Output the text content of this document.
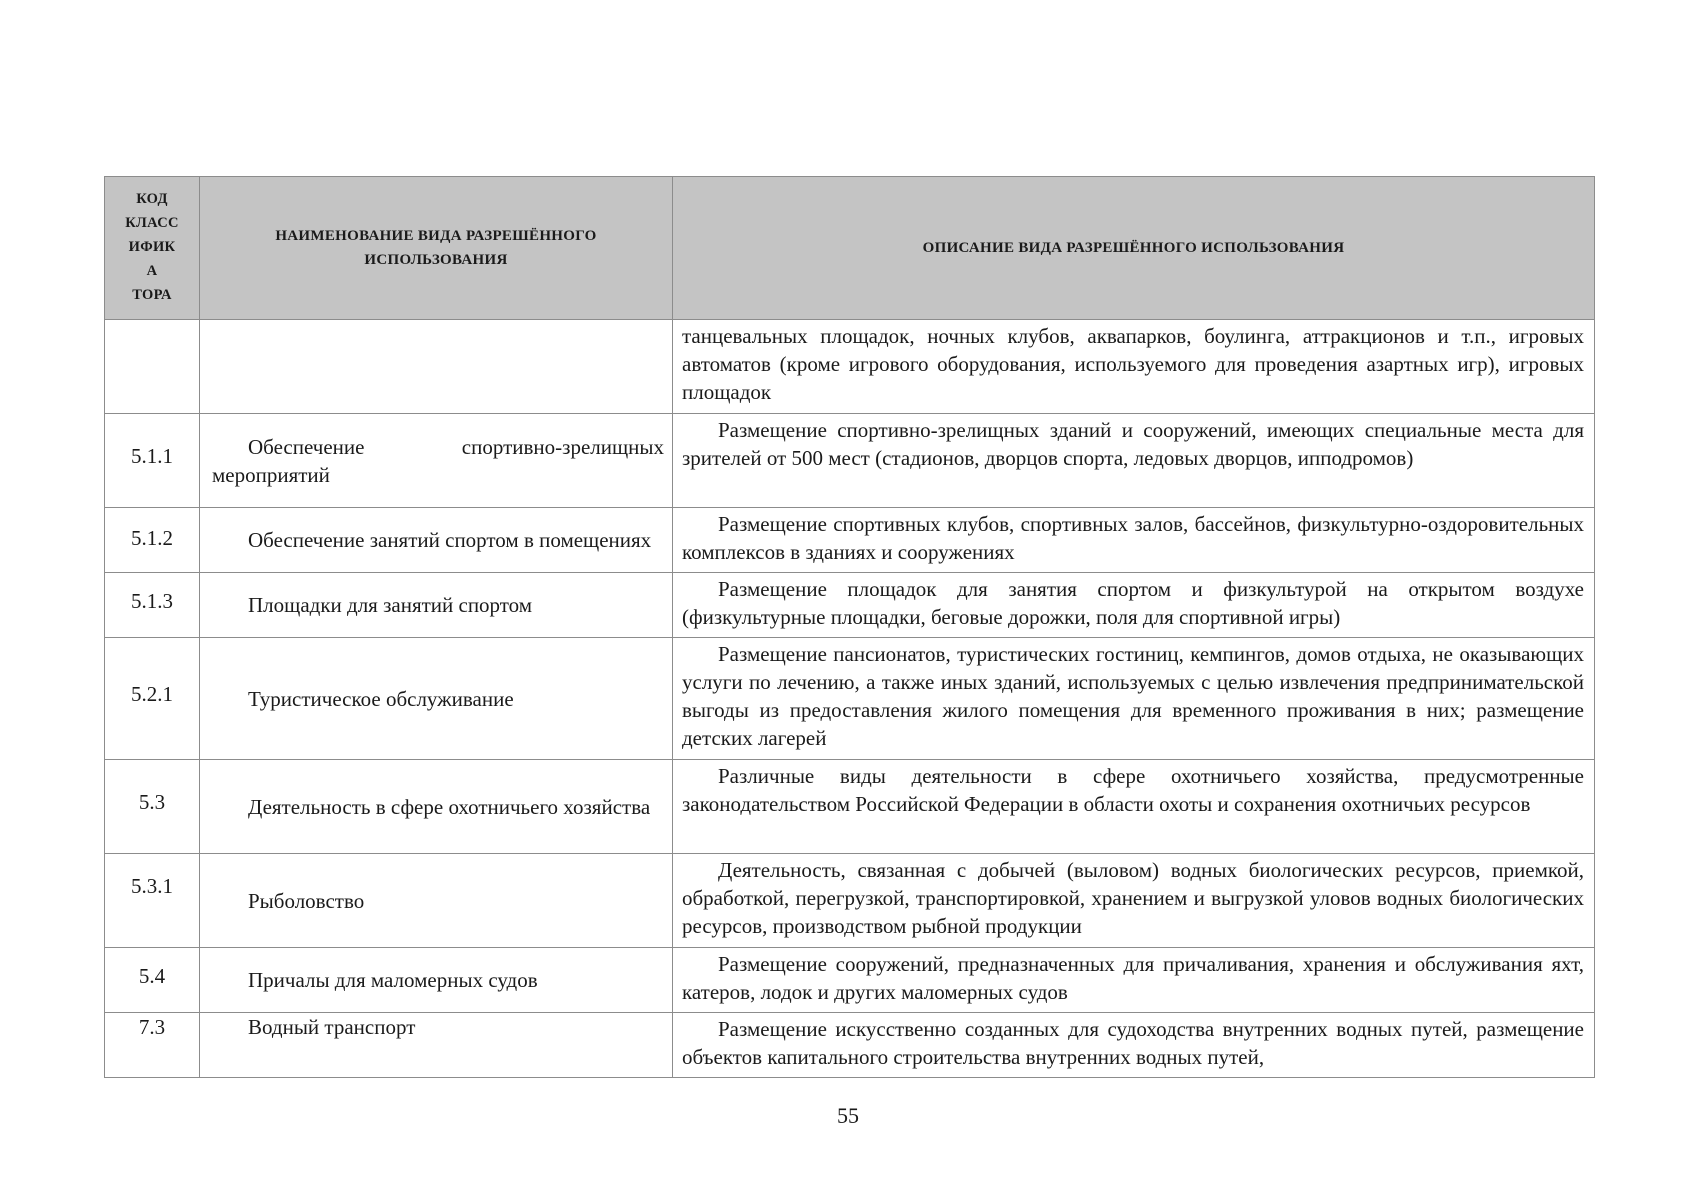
КОД
КЛАСС
ИФИК
А
ТОРА	НАИМЕНОВАНИЕ ВИДА РАЗРЕШЁННОГО ИСПОЛЬЗОВАНИЯ	ОПИСАНИЕ ВИДА РАЗРЕШЁННОГО ИСПОЛЬЗОВАНИЯ

		танцевальных площадок, ночных клубов, аквапарков, боулинга, аттракционов и т.п., игровых автоматов (кроме игрового оборудования, используемого для проведения азартных игр), игровых площадок

5.1.1	Обеспечение спортивно-зрелищных мероприятий	Размещение спортивно-зрелищных зданий и сооружений, имеющих специальные места для зрителей от 500 мест (стадионов, дворцов спорта, ледовых дворцов, ипподромов)

5.1.2	Обеспечение занятий спортом в помещениях	Размещение спортивных клубов, спортивных залов, бассейнов, физкультурно-оздоровительных комплексов в зданиях и сооружениях

5.1.3	Площадки для занятий спортом	Размещение площадок для занятия спортом и физкультурой на открытом воздухе (физкультурные площадки, беговые дорожки, поля для спортивной игры)

5.2.1	Туристическое обслуживание	Размещение пансионатов, туристических гостиниц, кемпингов, домов отдыха, не оказывающих услуги по лечению, а также иных зданий, используемых с целью извлечения предпринимательской выгоды из предоставления жилого помещения для временного проживания в них; размещение детских лагерей

5.3	Деятельность в сфере охотничьего хозяйства	Различные виды деятельности в сфере охотничьего хозяйства, предусмотренные законодательством Российской Федерации в области охоты и сохранения охотничьих ресурсов

5.3.1	Рыболовство	Деятельность, связанная с добычей (выловом) водных биологических ресурсов, приемкой, обработкой, перегрузкой, транспортировкой, хранением и выгрузкой уловов водных биологических ресурсов, производством рыбной продукции

5.4	Причалы для маломерных судов	Размещение сооружений, предназначенных для причаливания, хранения и обслуживания яхт, катеров, лодок и других маломерных судов

7.3	Водный транспорт	Размещение искусственно созданных для судоходства внутренних водных путей, размещение объектов капитального строительства внутренних водных путей,
55
